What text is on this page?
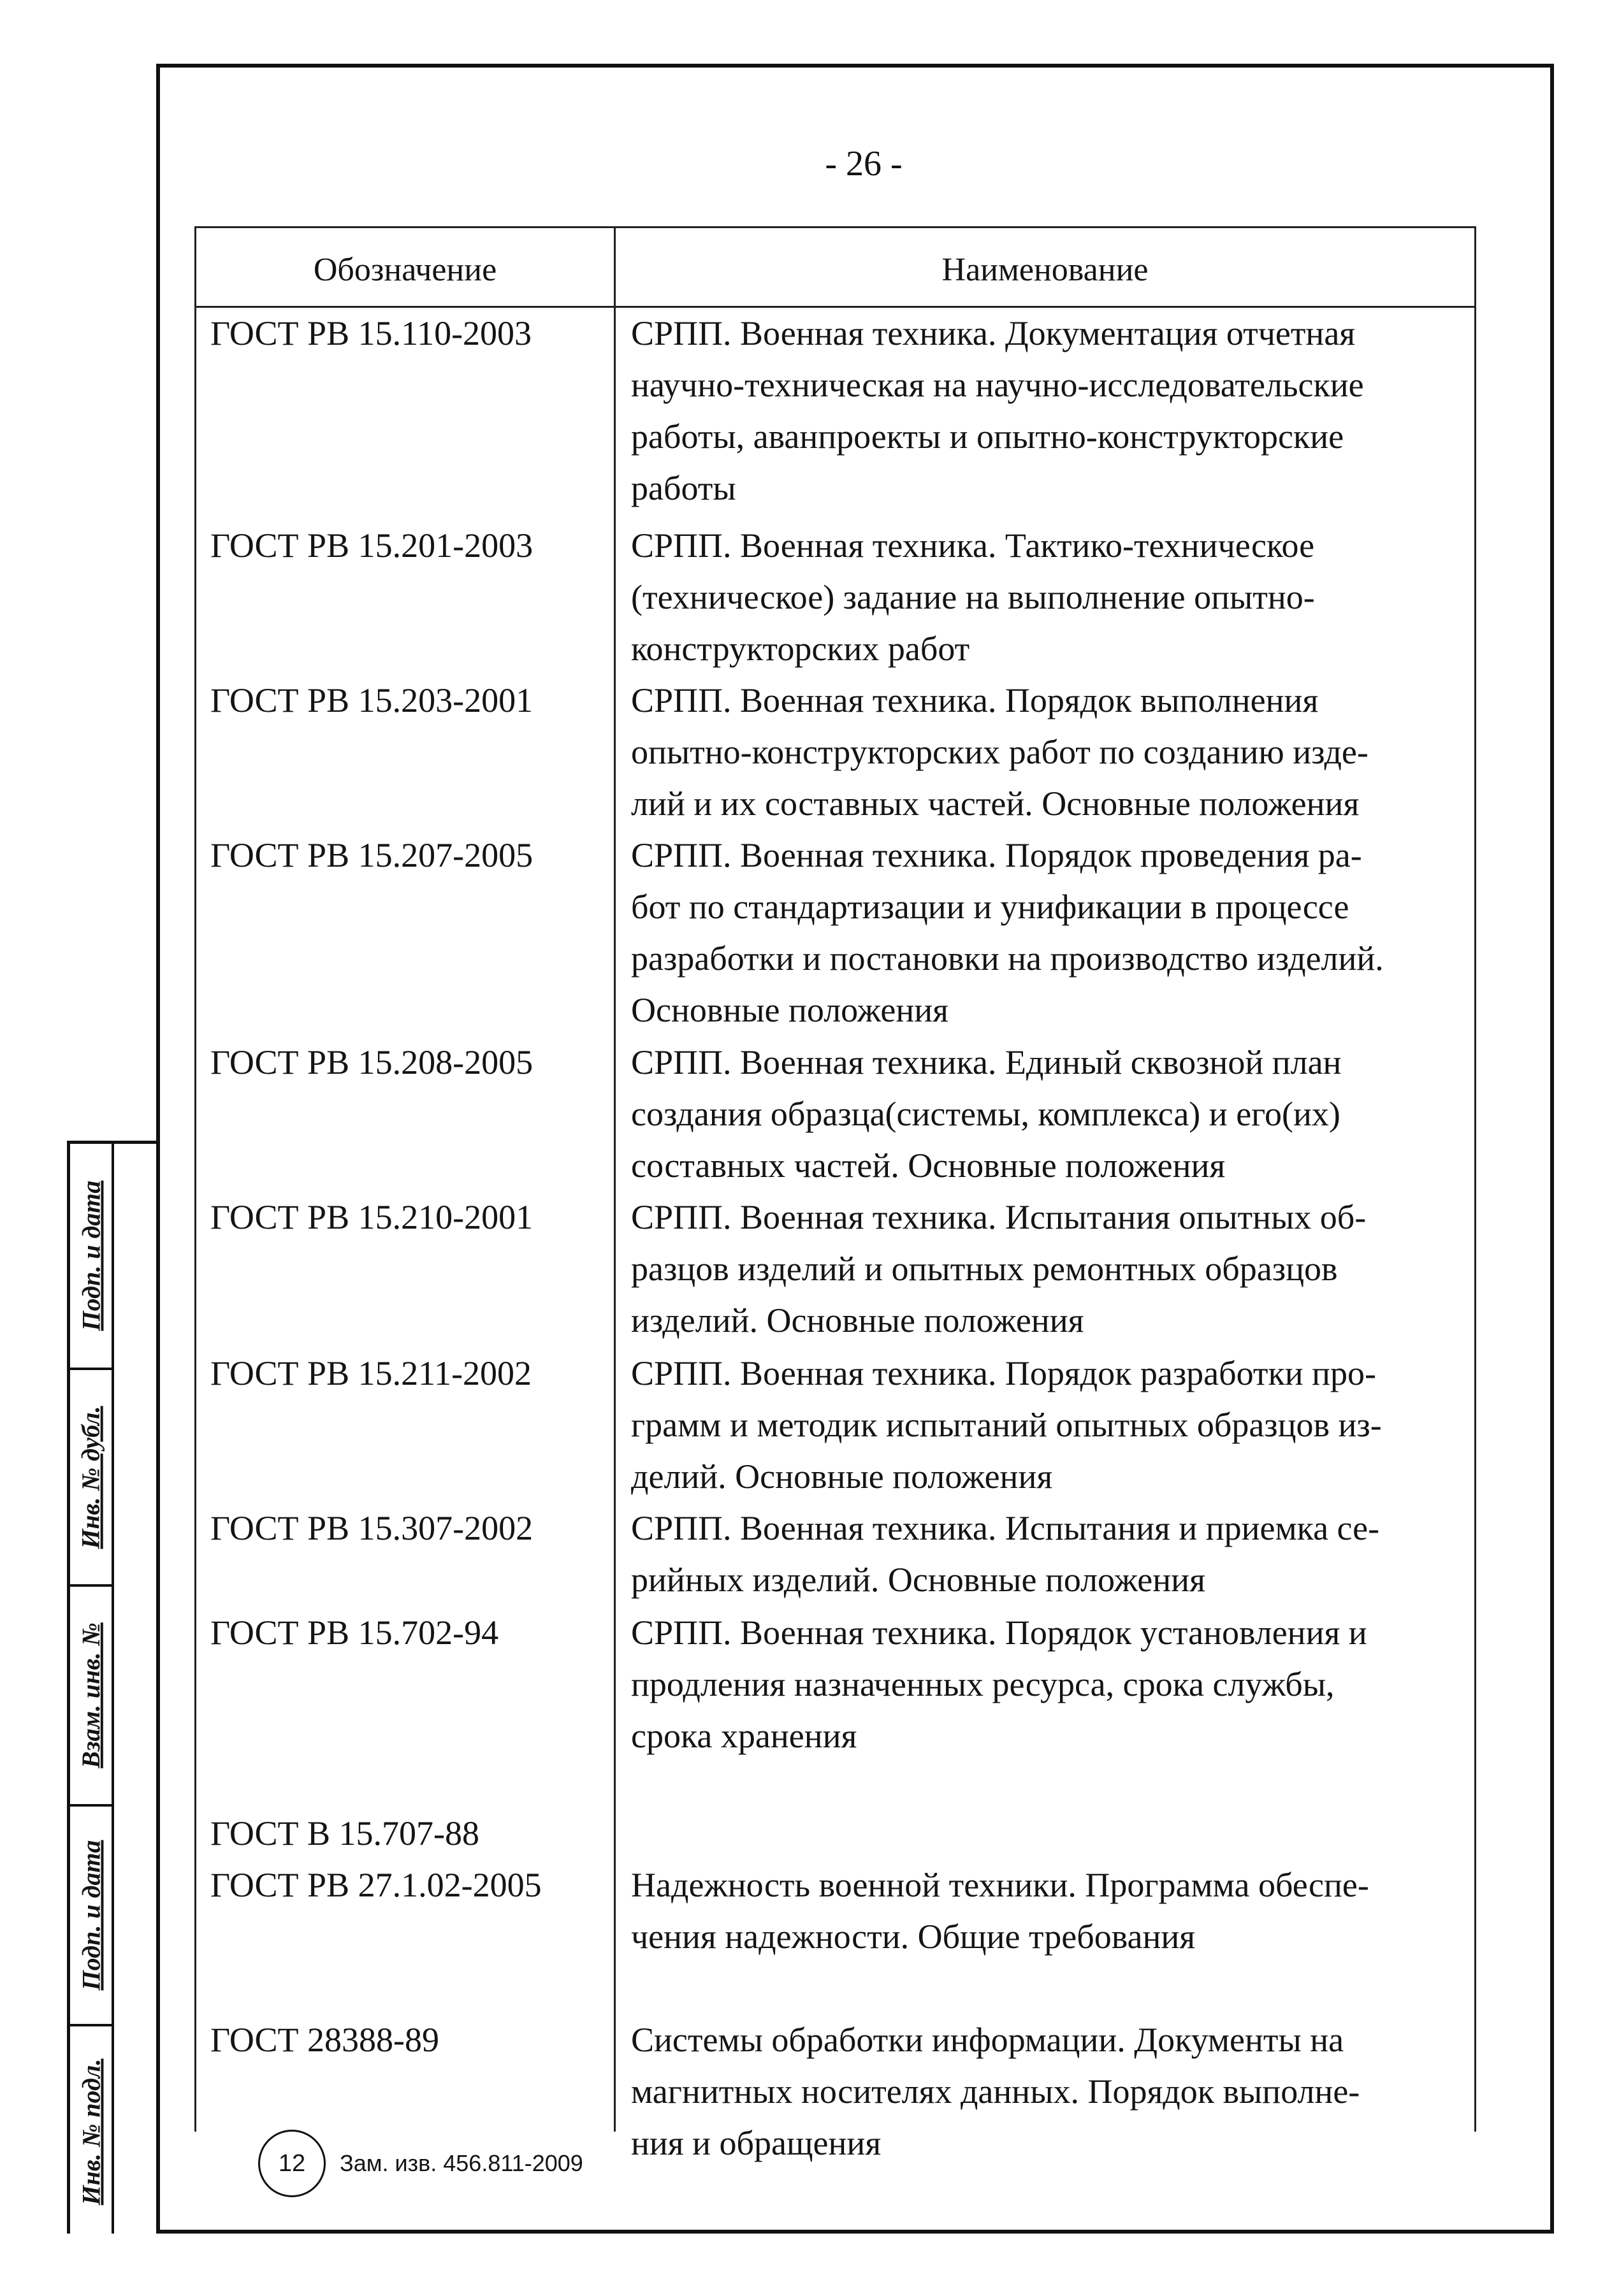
- 26 -
Обозначение	Наименование
ГОСТ РВ 15.110-2003	СРПП. Военная техника. Документация отчетная
научно-техническая на научно-исследовательские
работы, аванпроекты и опытно-конструкторские
работы
ГОСТ РВ 15.201-2003	СРПП. Военная техника. Тактико-техническое
(техническое) задание на выполнение опытно-
конструкторских работ
ГОСТ РВ 15.203-2001	СРПП. Военная техника. Порядок выполнения
опытно-конструкторских работ по созданию изде-
лий и их составных частей. Основные положения
ГОСТ РВ 15.207-2005	СРПП. Военная техника. Порядок проведения ра-
бот по стандартизации и унификации в процессе
разработки и постановки на производство изделий.
Основные положения
ГОСТ РВ 15.208-2005	СРПП. Военная техника. Единый сквозной план
создания образца(системы, комплекса) и его(их)
составных частей. Основные положения
ГОСТ РВ 15.210-2001	СРПП. Военная техника. Испытания опытных об-
разцов изделий и опытных ремонтных образцов
изделий. Основные положения
ГОСТ РВ 15.211-2002	СРПП. Военная техника. Порядок разработки про-
грамм и методик испытаний опытных образцов из-
делий. Основные положения
ГОСТ РВ 15.307-2002	СРПП. Военная техника. Испытания и приемка се-
рийных изделий. Основные положения
ГОСТ РВ 15.702-94	СРПП. Военная техника. Порядок установления и
продления назначенных ресурса, срока службы,
срока хранения
ГОСТ В 15.707-88
ГОСТ РВ 27.1.02-2005	Надежность военной техники. Программа обеспе-
чения надежности. Общие требования
ГОСТ 28388-89	Системы обработки информации. Документы на
магнитных носителях данных. Порядок выполне-
ния и обращения
Подп. и дата
Инв. № дубл.
Взам. инв. №
Подп. и дата
Инв. № подл.	12	Зам. изв. 456.811-2009
